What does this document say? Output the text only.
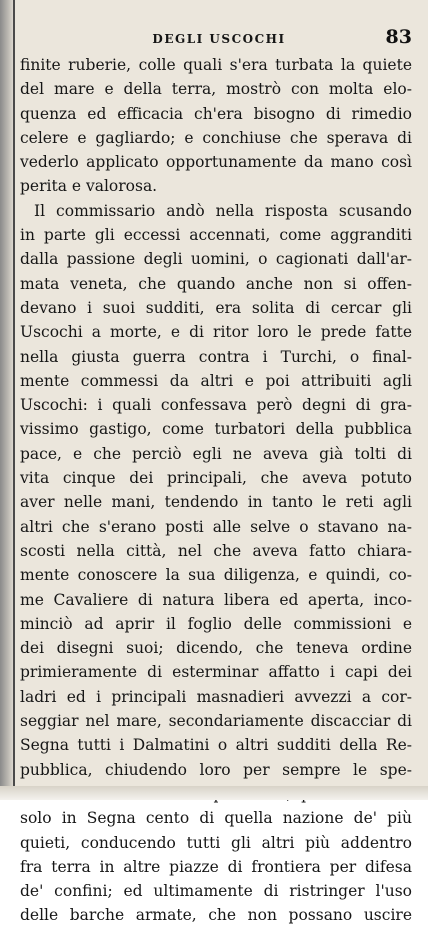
DEGLI USCOCHI	83
finite ruberie, colle quali s'era turbata la quiete
del mare e della terra, mostrò con molta elo-
quenza ed efficacia ch'era bisogno di rimedio
celere e gagliardo; e conchiuse che sperava di
vederlo applicato opportunamente da mano così
perita e valorosa.
Il commissario andò nella risposta scusando
in parte gli eccessi accennati, come aggranditi
dalla passione degli uomini, o cagionati dall'ar-
mata veneta, che quando anche non si offen-
devano i suoi sudditi, era solita di cercar gli
Uscochi a morte, e di ritor loro le prede fatte
nella giusta guerra contra i Turchi, o final-
mente commessi da altri e poi attribuiti agli
Uscochi: i quali confessava però degni di gra-
vissimo gastigo, come turbatori della pubblica
pace, e che perciò egli ne aveva già tolti di
vita cinque dei principali, che aveva potuto
aver nelle mani, tendendo in tanto le reti agli
altri che s'erano posti alle selve o stavano na-
scosti nella città, nel che aveva fatto chiara-
mente conoscere la sua diligenza, e quindi, co-
me Cavaliere di natura libera ed aperta, inco-
minciò ad aprir il foglio delle commissioni e
dei disegni suoi; dicendo, che teneva ordine
primieramente di esterminar affatto i capi dei
ladri ed i principali masnadieri avvezzi a cor-
seggiar nel mare, secondariamente discacciar di
Segna tutti i Dalmatini o altri sudditi della Re-
pubblica, chiudendo loro per sempre le spe-
solo in Segna cento di quella nazione de' più
quieti, conducendo tutti gli altri più addentro
fra terra in altre piazze di frontiera per difesa
de' confini; ed ultimamente di ristringer l'uso
delle barche armate, che non possano uscire
